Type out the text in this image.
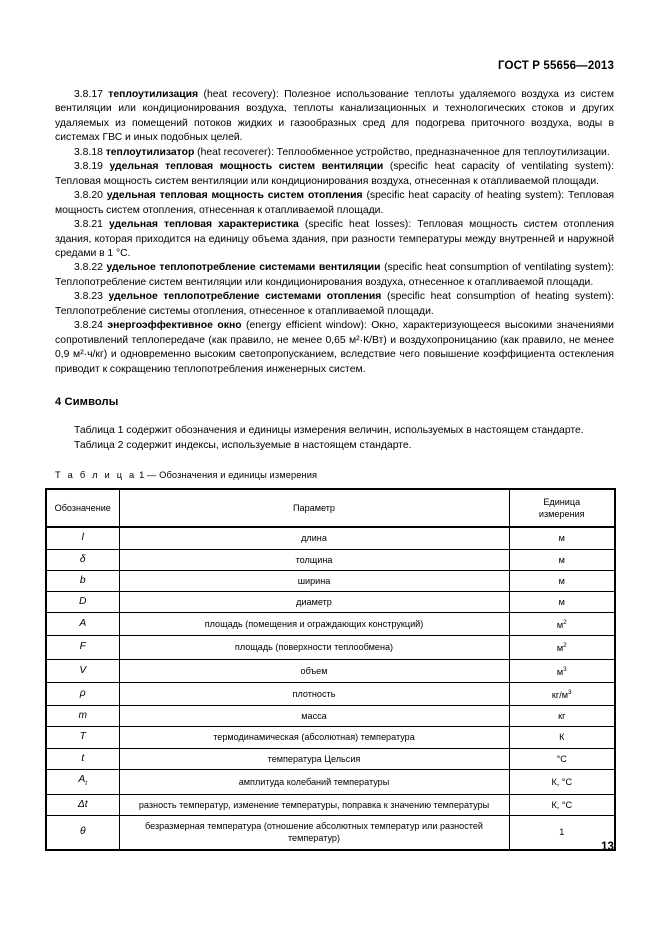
ГОСТ Р 55656—2013

3.8.17 теплоутилизация (heat recovery): Полезное использование теплоты удаляемого воздуха из систем вентиляции или кондиционирования воздуха, теплоты канализационных и технологических стоков и других удаляемых из помещений потоков жидких и газообразных сред для подогрева приточного воздуха, воды в системах ГВС и иных подобных целей.

3.8.18 теплоутилизатор (heat recoverer): Теплообменное устройство, предназначенное для теплоутилизации.

3.8.19 удельная тепловая мощность систем вентиляции (specific heat capacity of ventilating system): Тепловая мощность систем вентиляции или кондиционирования воздуха, отнесенная к отапливаемой площади.

3.8.20 удельная тепловая мощность систем отопления (specific heat capacity of heating system): Тепловая мощность систем отопления, отнесенная к отапливаемой площади.

3.8.21 удельная тепловая характеристика (specific heat losses): Тепловая мощность систем отопления здания, которая приходится на единицу объема здания, при разности температуры между внутренней и наружной средами в 1 °С.

3.8.22 удельное теплопотребление системами вентиляции (specific heat consumption of ventilating system): Теплопотребление систем вентиляции или кондиционирования воздуха, отнесенное к отапливаемой площади.

3.8.23 удельное теплопотребление системами отопления (specific heat consumption of heating system): Теплопотребление системы отопления, отнесенное к отапливаемой площади.

3.8.24 энергоэффективное окно (energy efficient window): Окно, характеризующееся высокими значениями сопротивлений теплопередаче (как правило, не менее 0,65 м²·К/Вт) и воздухопроницанию (как правило, не менее 0,9 м²·ч/кг) и одновременно высоким светопропусканием, вследствие чего повышение коэффициента остекления приводит к сокращению теплопотребления инженерных систем.

4 Символы

Таблица 1 содержит обозначения и единицы измерения величин, используемых в настоящем стандарте.

Таблица 2 содержит индексы, используемые в настоящем стандарте.

Т а б л и ц а 1 — Обозначения и единицы измерения

Обозначение	Параметр	Единица
измерения
l	длина	м
δ	толщина	м
b	ширина	м
D	диаметр	м
A	площадь (помещения и ограждающих конструкций)	$м^2$
F	площадь (поверхности теплообмена)	$м^2$
V	объем	$м^3$
ρ	плотность	$кг/м^3$
m	масса	кг
T	термодинамическая (абсолютная) температура	К
t	температура Цельсия	°С
$A_t$	амплитуда колебаний температуры	К, °С
Δt	разность температур, изменение температуры, поправка к значению температуры	К, °С
θ	безразмерная температура (отношение абсолютных температур или разностей температур)	1
13
